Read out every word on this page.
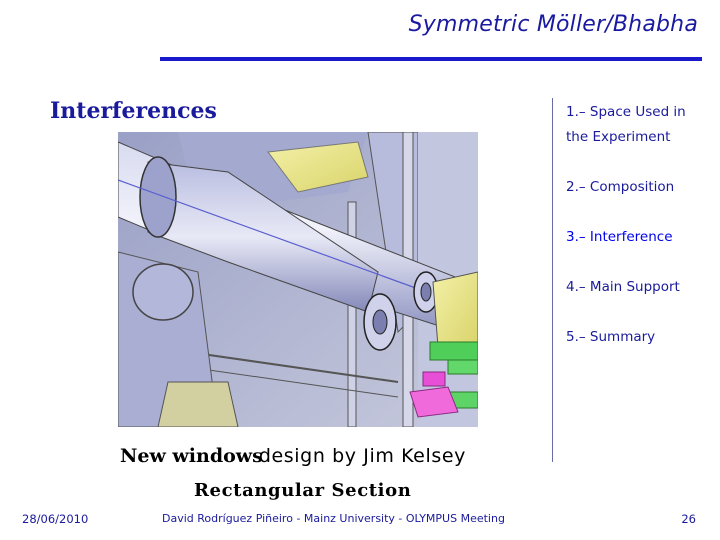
Symmetric Möller/Bhabha
Interferences	1.– Space Used in
the Experiment
2.– Composition
3.– Interference
4.– Main Support
5.– Summary
New windowsdesign by Jim Kelsey
Rectangular Section
28/06/2010	David Rodríguez Piñeiro - Mainz University - OLYMPUS Meeting	26
